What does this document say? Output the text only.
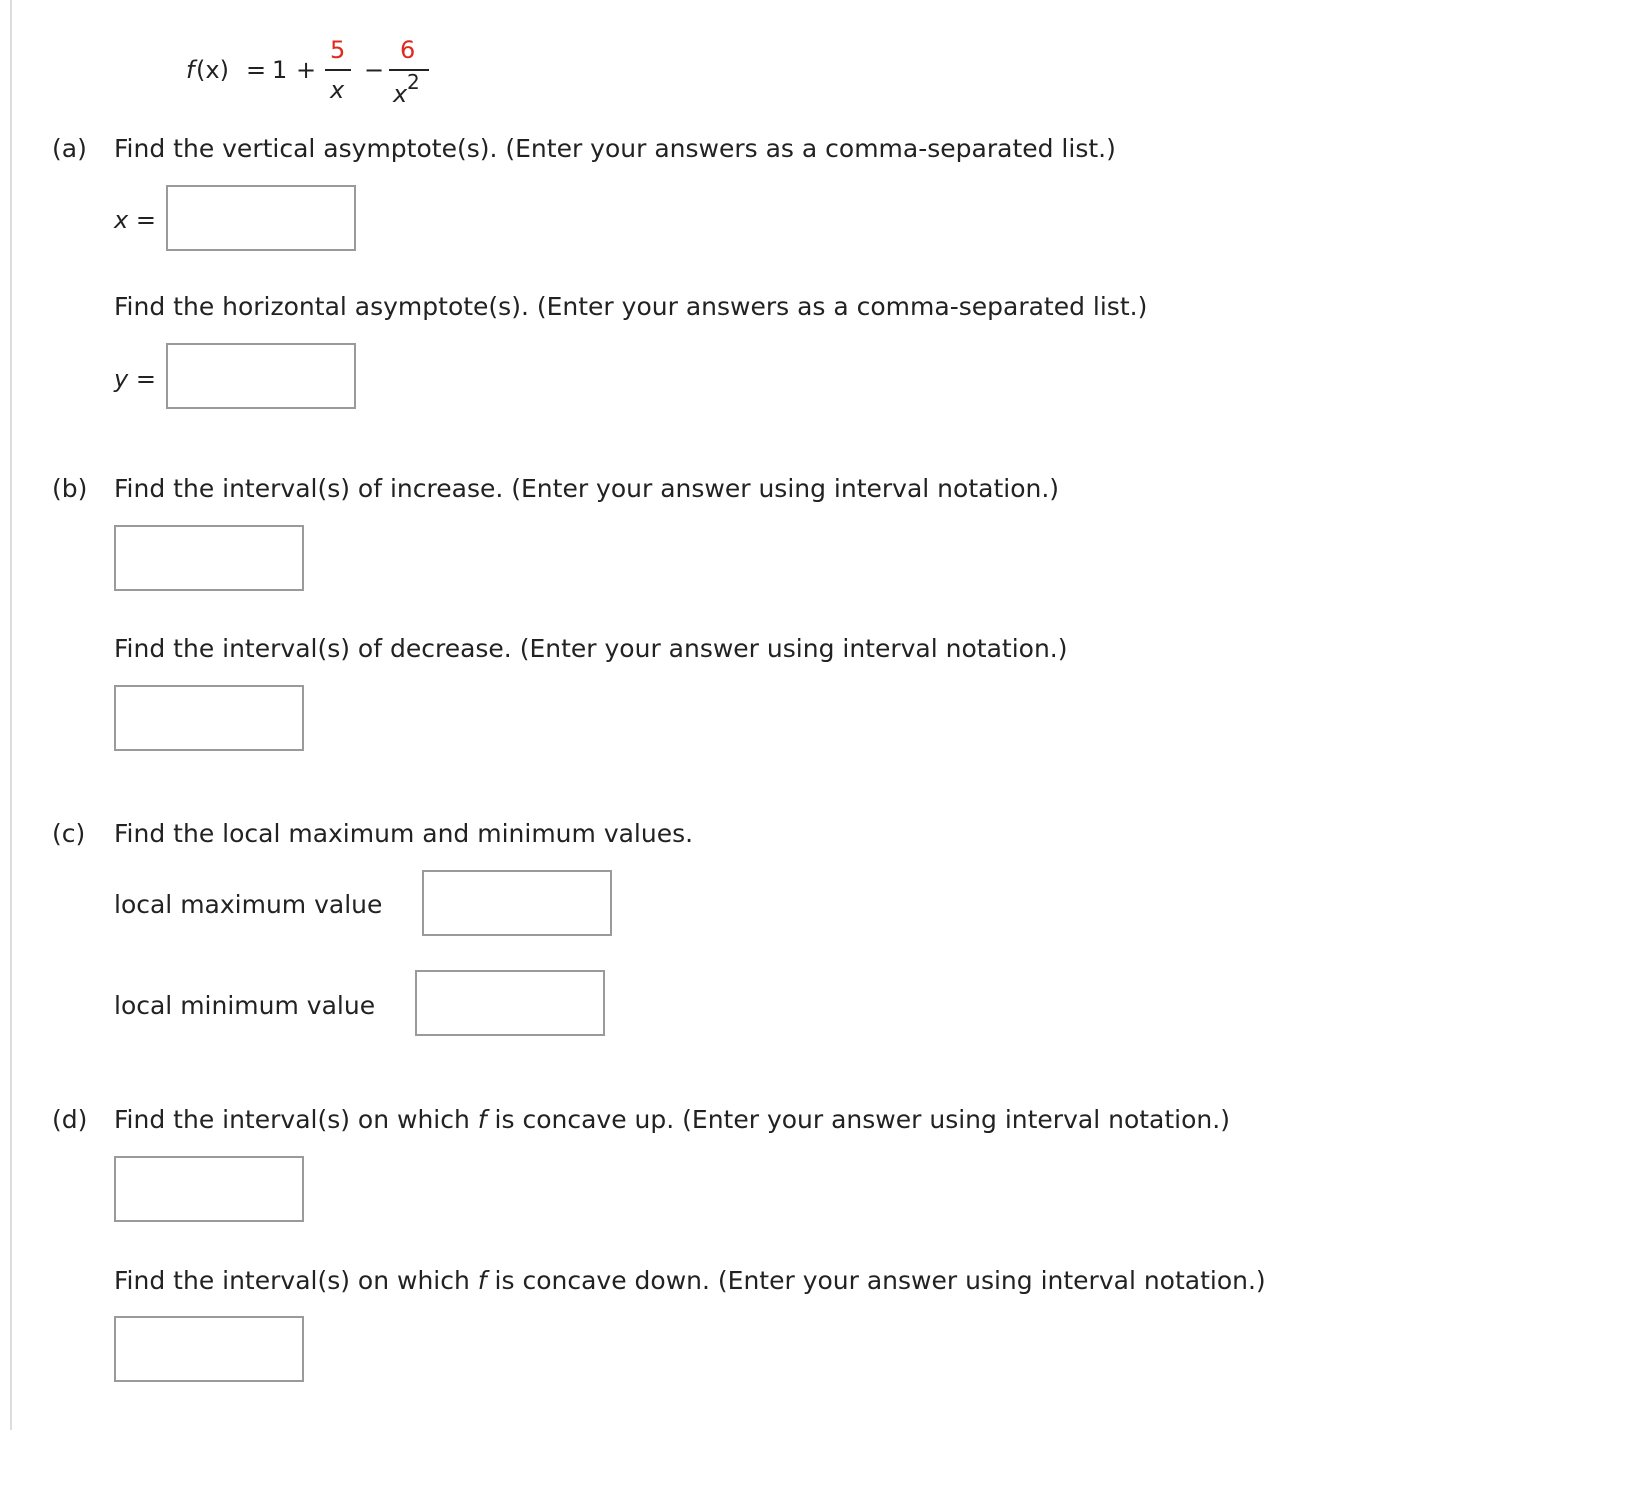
f (x) = 1 +
5
x
−
6
x 2
(a) Find the vertical asymptote(s). (Enter your answers as a comma-separated list.)
x =
Find the horizontal asymptote(s). (Enter your answers as a comma-separated list.)
y =
(b) Find the interval(s) of increase. (Enter your answer using interval notation.)
Find the interval(s) of decrease. (Enter your answer using interval notation.)
(c) Find the local maximum and minimum values.
local maximum value
local minimum value
(d) Find the interval(s) on which f is concave up. (Enter your answer using interval notation.)
Find the interval(s) on which f is concave down. (Enter your answer using interval notation.)
